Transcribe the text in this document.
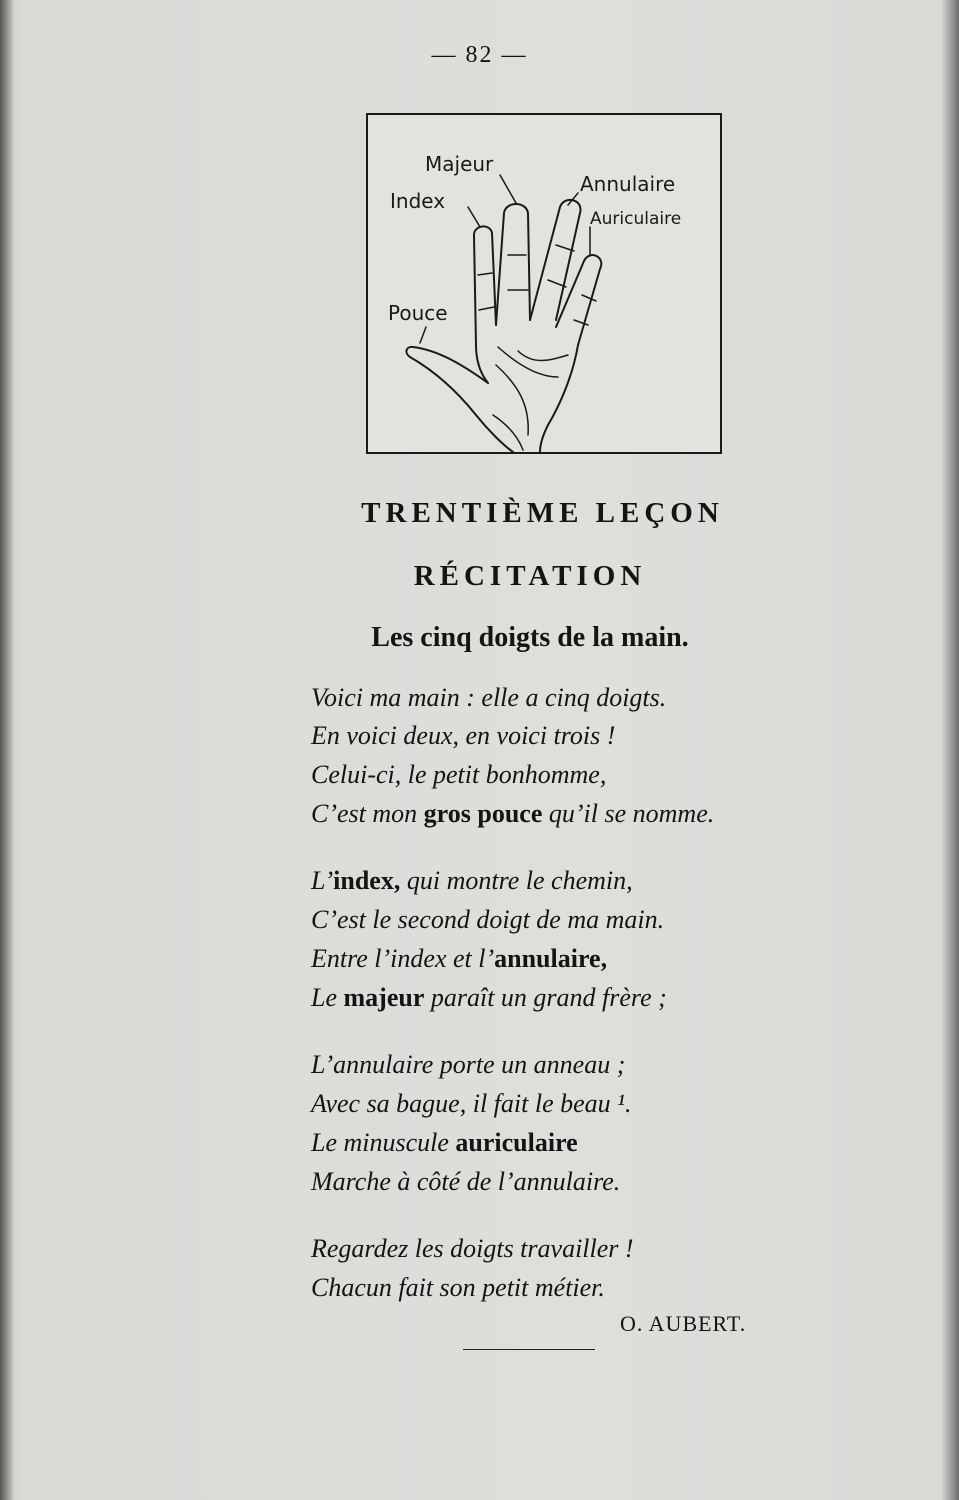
— 82 —
Majeur
Index
Annulaire
Auriculaire
Pouce
TRENTIÈME LEÇON
RÉCITATION
Les cinq doigts de la main.
Voici ma main : elle a cinq doigts.
En voici deux, en voici trois !
Celui-ci, le petit bonhomme,
C’est mon gros pouce qu’il se nomme.
L’index, qui montre le chemin,
C’est le second doigt de ma main.
Entre l’index et l’annulaire,
Le majeur paraît un grand frère ;
L’annulaire porte un anneau ;
Avec sa bague, il fait le beau ¹.
Le minuscule auriculaire
Marche à côté de l’annulaire.
Regardez les doigts travailler !
Chacun fait son petit métier.
O. AUBERT.
